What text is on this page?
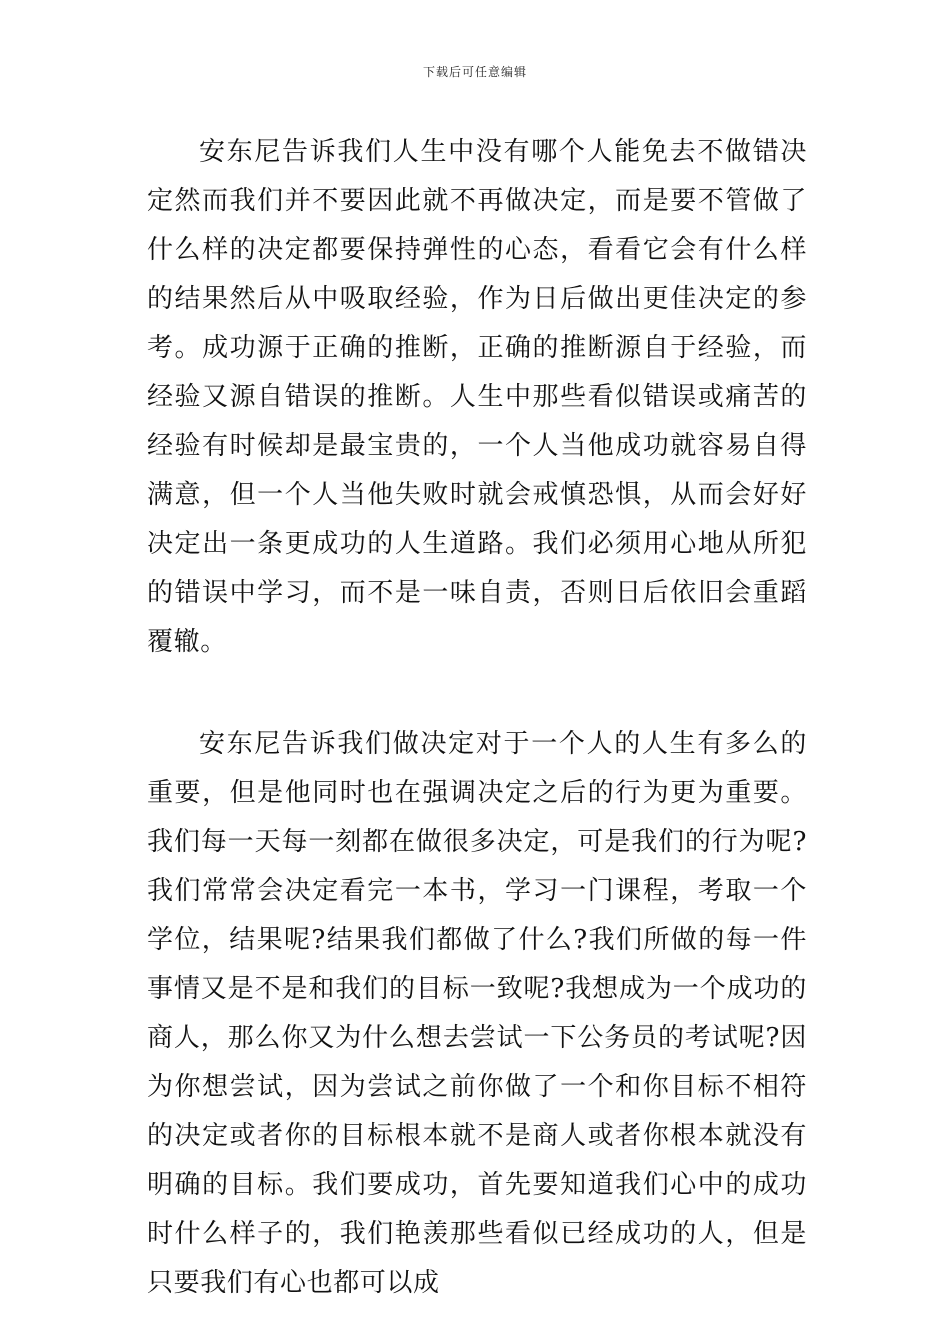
下载后可任意编辑

安东尼告诉我们人生中没有哪个人能免去不做错决定然而我们并不要因此就不再做决定，而是要不管做了什么样的决定都要保持弹性的心态，看看它会有什么样的结果然后从中吸取经验，作为日后做出更佳决定的参考。成功源于正确的推断，正确的推断源自于经验，而经验又源自错误的推断。人生中那些看似错误或痛苦的经验有时候却是最宝贵的，一个人当他成功就容易自得满意，但一个人当他失败时就会戒慎恐惧，从而会好好决定出一条更成功的人生道路。我们必须用心地从所犯的错误中学习，而不是一味自责，否则日后依旧会重蹈覆辙。

安东尼告诉我们做决定对于一个人的人生有多么的重要，但是他同时也在强调决定之后的行为更为重要。我们每一天每一刻都在做很多决定，可是我们的行为呢?我们常常会决定看完一本书，学习一门课程，考取一个学位，结果呢?结果我们都做了什么?我们所做的每一件事情又是不是和我们的目标一致呢?我想成为一个成功的商人，那么你又为什么想去尝试一下公务员的考试呢?因为你想尝试，因为尝试之前你做了一个和你目标不相符的决定或者你的目标根本就不是商人或者你根本就没有明确的目标。我们要成功，首先要知道我们心中的成功时什么样子的，我们艳羡那些看似已经成功的人，但是只要我们有心也都可以成
